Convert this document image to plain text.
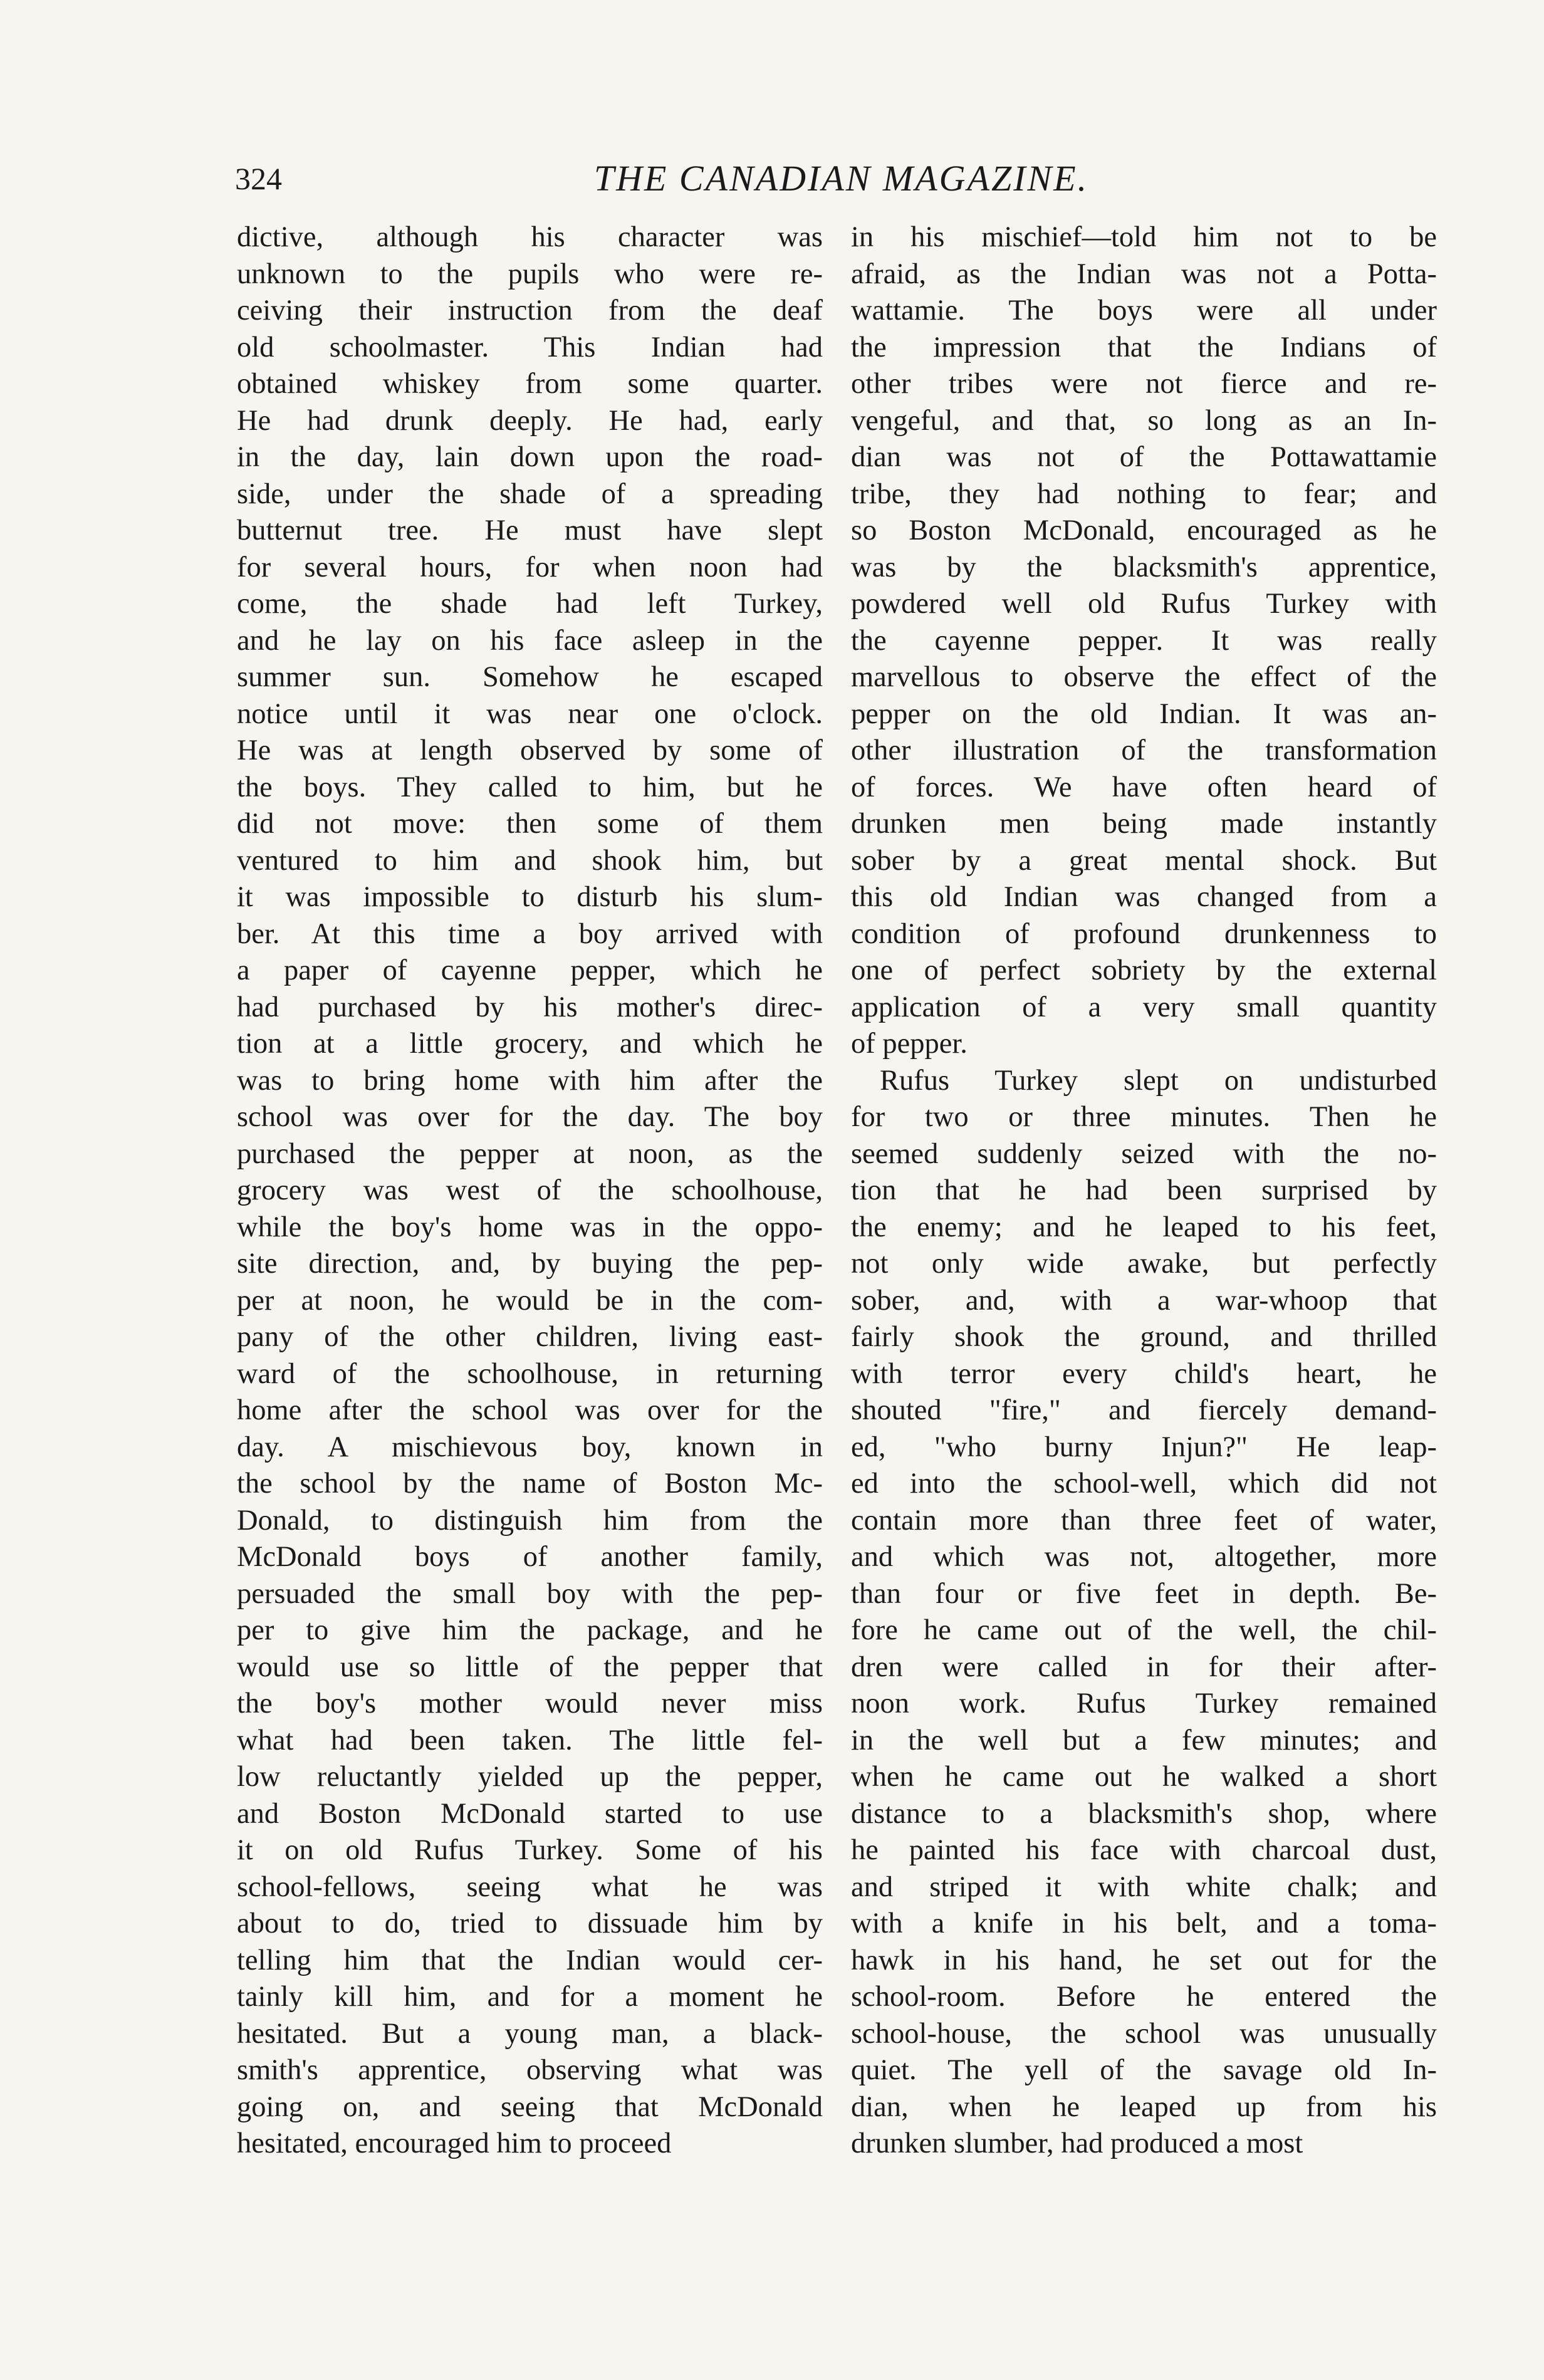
324	THE CANADIAN MAGAZINE.
dictive, although his character was
unknown to the pupils who were re-
ceiving their instruction from the deaf
old schoolmaster. This Indian had
obtained whiskey from some quarter.
He had drunk deeply. He had, early
in the day, lain down upon the road-
side, under the shade of a spreading
butternut tree. He must have slept
for several hours, for when noon had
come, the shade had left Turkey,
and he lay on his face asleep in the
summer sun. Somehow he escaped
notice until it was near one o'clock.
He was at length observed by some of
the boys. They called to him, but he
did not move: then some of them
ventured to him and shook him, but
it was impossible to disturb his slum-
ber. At this time a boy arrived with
a paper of cayenne pepper, which he
had purchased by his mother's direc-
tion at a little grocery, and which he
was to bring home with him after the
school was over for the day. The boy
purchased the pepper at noon, as the
grocery was west of the schoolhouse,
while the boy's home was in the oppo-
site direction, and, by buying the pep-
per at noon, he would be in the com-
pany of the other children, living east-
ward of the schoolhouse, in returning
home after the school was over for the
day. A mischievous boy, known in
the school by the name of Boston Mc-
Donald, to distinguish him from the
McDonald boys of another family,
persuaded the small boy with the pep-
per to give him the package, and he
would use so little of the pepper that
the boy's mother would never miss
what had been taken. The little fel-
low reluctantly yielded up the pepper,
and Boston McDonald started to use
it on old Rufus Turkey. Some of his
school-fellows, seeing what he was
about to do, tried to dissuade him by
telling him that the Indian would cer-
tainly kill him, and for a moment he
hesitated. But a young man, a black-
smith's apprentice, observing what was
going on, and seeing that McDonald
hesitated, encouraged him to proceed
in his mischief—told him not to be
afraid, as the Indian was not a Potta-
wattamie. The boys were all under
the impression that the Indians of
other tribes were not fierce and re-
vengeful, and that, so long as an In-
dian was not of the Pottawattamie
tribe, they had nothing to fear; and
so Boston McDonald, encouraged as he
was by the blacksmith's apprentice,
powdered well old Rufus Turkey with
the cayenne pepper. It was really
marvellous to observe the effect of the
pepper on the old Indian. It was an-
other illustration of the transformation
of forces. We have often heard of
drunken men being made instantly
sober by a great mental shock. But
this old Indian was changed from a
condition of profound drunkenness to
one of perfect sobriety by the external
application of a very small quantity
of pepper.
Rufus Turkey slept on undisturbed
for two or three minutes. Then he
seemed suddenly seized with the no-
tion that he had been surprised by
the enemy; and he leaped to his feet,
not only wide awake, but perfectly
sober, and, with a war-whoop that
fairly shook the ground, and thrilled
with terror every child's heart, he
shouted "fire," and fiercely demand-
ed, "who burny Injun?" He leap-
ed into the school-well, which did not
contain more than three feet of water,
and which was not, altogether, more
than four or five feet in depth. Be-
fore he came out of the well, the chil-
dren were called in for their after-
noon work. Rufus Turkey remained
in the well but a few minutes; and
when he came out he walked a short
distance to a blacksmith's shop, where
he painted his face with charcoal dust,
and striped it with white chalk; and
with a knife in his belt, and a toma-
hawk in his hand, he set out for the
school-room. Before he entered the
school-house, the school was unusually
quiet. The yell of the savage old In-
dian, when he leaped up from his
drunken slumber, had produced a most
